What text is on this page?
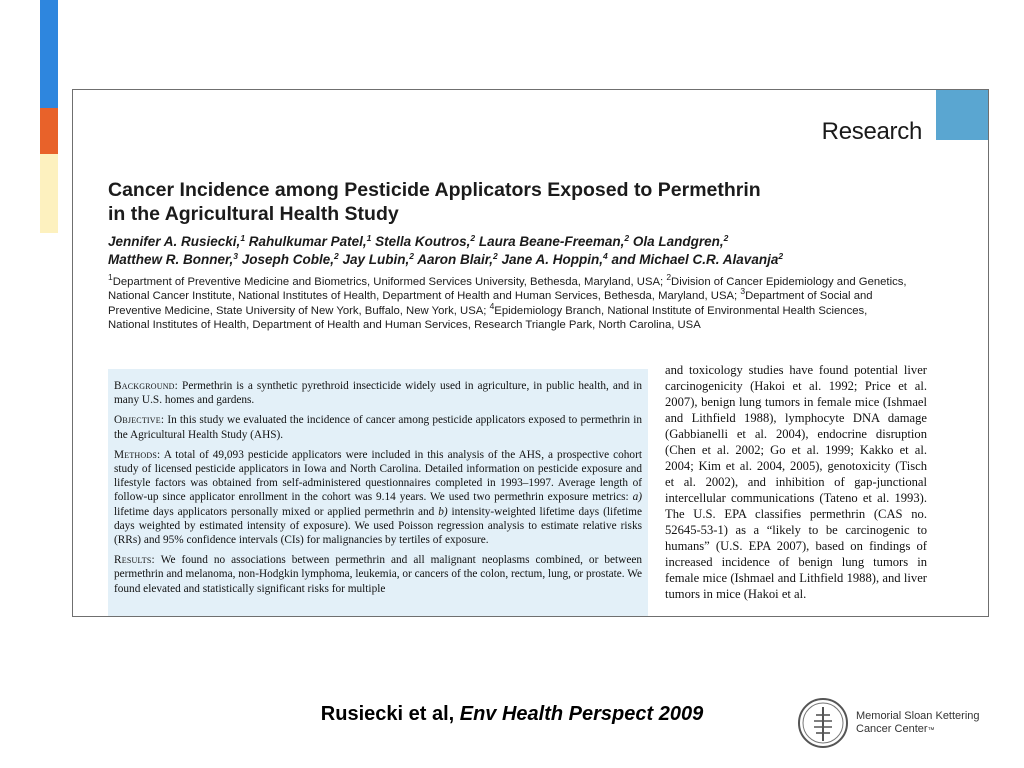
Research
Cancer Incidence among Pesticide Applicators Exposed to Permethrin
in the Agricultural Health Study
Jennifer A. Rusiecki,$^1$ Rahulkumar Patel,$^1$ Stella Koutros,$^2$ Laura Beane-Freeman,$^2$ Ola Landgren,$^2$
Matthew R. Bonner,$^3$ Joseph Coble,$^2$ Jay Lubin,$^2$ Aaron Blair,$^2$ Jane A. Hoppin,$^4$ and Michael C.R. Alavanja$^2$
$^1$Department of Preventive Medicine and Biometrics, Uniformed Services University, Bethesda, Maryland, USA; $^2$Division of Cancer Epidemiology and Genetics, National Cancer Institute, National Institutes of Health, Department of Health and Human Services, Bethesda, Maryland, USA; $^3$Department of Social and Preventive Medicine, State University of New York, Buffalo, New York, USA; $^4$Epidemiology Branch, National Institute of Environmental Health Sciences, National Institutes of Health, Department of Health and Human Services, Research Triangle Park, North Carolina, USA

Background: Permethrin is a synthetic pyrethroid insecticide widely used in agriculture, in public health, and in many U.S. homes and gardens.

Objective: In this study we evaluated the incidence of cancer among pesticide applicators exposed to permethrin in the Agricultural Health Study (AHS).

Methods: A total of 49,093 pesticide applicators were included in this analysis of the AHS, a prospective cohort study of licensed pesticide applicators in Iowa and North Carolina. Detailed information on pesticide exposure and lifestyle factors was obtained from self-administered questionnaires completed in 1993–1997. Average length of follow-up since applicator enrollment in the cohort was 9.14 years. We used two permethrin exposure metrics: a) lifetime days applicators personally mixed or applied permethrin and b) intensity-weighted lifetime days (lifetime days weighted by estimated intensity of exposure). We used Poisson regression analysis to estimate relative risks (RRs) and 95% confidence intervals (CIs) for malignancies by tertiles of exposure.

Results: We found no associations between permethrin and all malignant neoplasms combined, or between permethrin and melanoma, non-Hodgkin lymphoma, leukemia, or cancers of the colon, rectum, lung, or prostate. We found elevated and statistically significant risks for multiple

and toxicology studies have found potential liver carcinogenicity (Hakoi et al. 1992; Price et al. 2007), benign lung tumors in female mice (Ishmael and Lithfield 1988), lymphocyte DNA damage (Gabbianelli et al. 2004), endocrine disruption (Chen et al. 2002; Go et al. 1999; Kakko et al. 2004; Kim et al. 2004, 2005), genotoxicity (Tisch et al. 2002), and inhibition of gap-junctional intercellular communications (Tateno et al. 1993). The U.S. EPA classifies permethrin (CAS no. 52645-53-1) as a “likely to be carcinogenic to humans” (U.S. EPA 2007), based on findings of increased incidence of benign lung tumors in female mice (Ishmael and Lithfield 1988), and liver tumors in mice (Hakoi et al.
Rusiecki et al, Env Health Perspect 2009	Memorial Sloan Kettering
Cancer Center™
